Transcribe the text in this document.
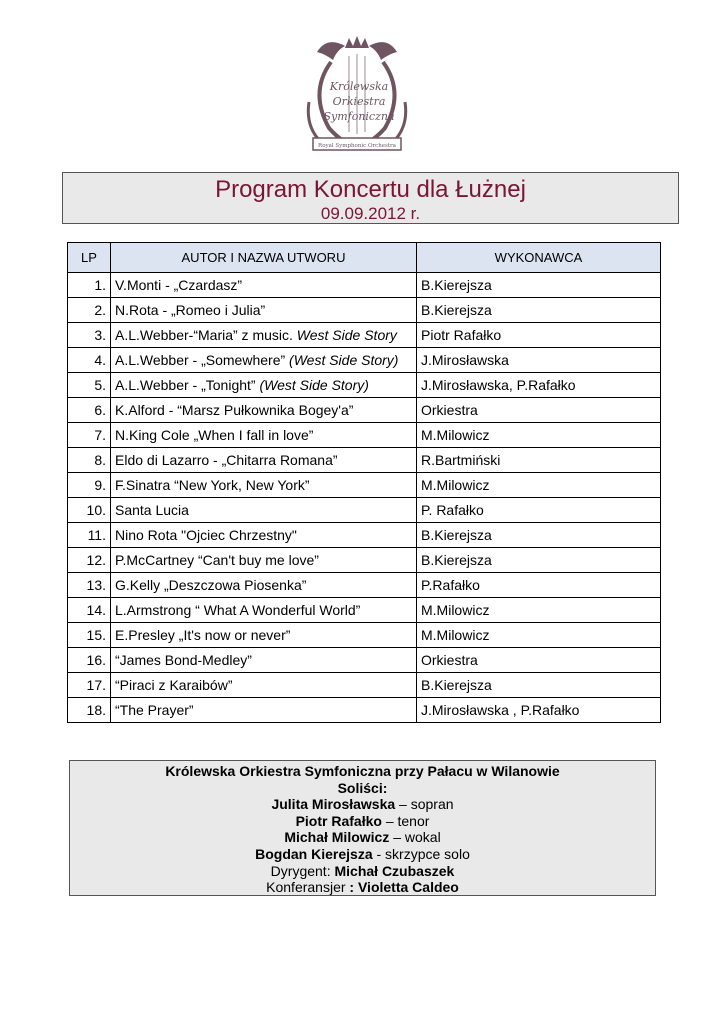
Royal Symphonic Orchestra
Królewska
Orkiestra
Symfoniczna
Program Koncertu dla Łużnej
09.09.2012 r.
LP	AUTOR I NAZWA UTWORU	WYKONAWCA
1.	V.Monti - „Czardasz”	B.Kierejsza
2.	N.Rota - „Romeo i Julia”	B.Kierejsza
3.	A.L.Webber-“Maria” z music. West Side Story	Piotr Rafałko
4.	A.L.Webber - „Somewhere” (West Side Story)	J.Mirosławska
5.	A.L.Webber - „Tonight” (West Side Story)	J.Mirosławska, P.Rafałko
6.	K.Alford - “Marsz Pułkownika Bogey'a”	Orkiestra
7.	N.King Cole „When I fall in love”	M.Milowicz
8.	Eldo di Lazarro - „Chitarra Romana”	R.Bartmiński
9.	F.Sinatra “New York, New York”	M.Milowicz
10.	Santa Lucia	P. Rafałko
11.	Nino Rota "Ojciec Chrzestny"	B.Kierejsza
12.	P.McCartney “Can't buy me love”	B.Kierejsza
13.	G.Kelly „Deszczowa Piosenka”	P.Rafałko
14.	L.Armstrong “ What A Wonderful World”	M.Milowicz
15.	E.Presley „It's now or never”	M.Milowicz
16.	“James Bond-Medley”	Orkiestra
17.	“Piraci z Karaibów”	B.Kierejsza
18.	“The Prayer”	J.Mirosławska , P.Rafałko
Królewska Orkiestra Symfoniczna przy Pałacu w Wilanowie
Soliści:
Julita Mirosławska – sopran
Piotr Rafałko – tenor
Michał Milowicz – wokal
Bogdan Kierejsza - skrzypce solo
Dyrygent: Michał Czubaszek
Konferansjer : Violetta Caldeo
